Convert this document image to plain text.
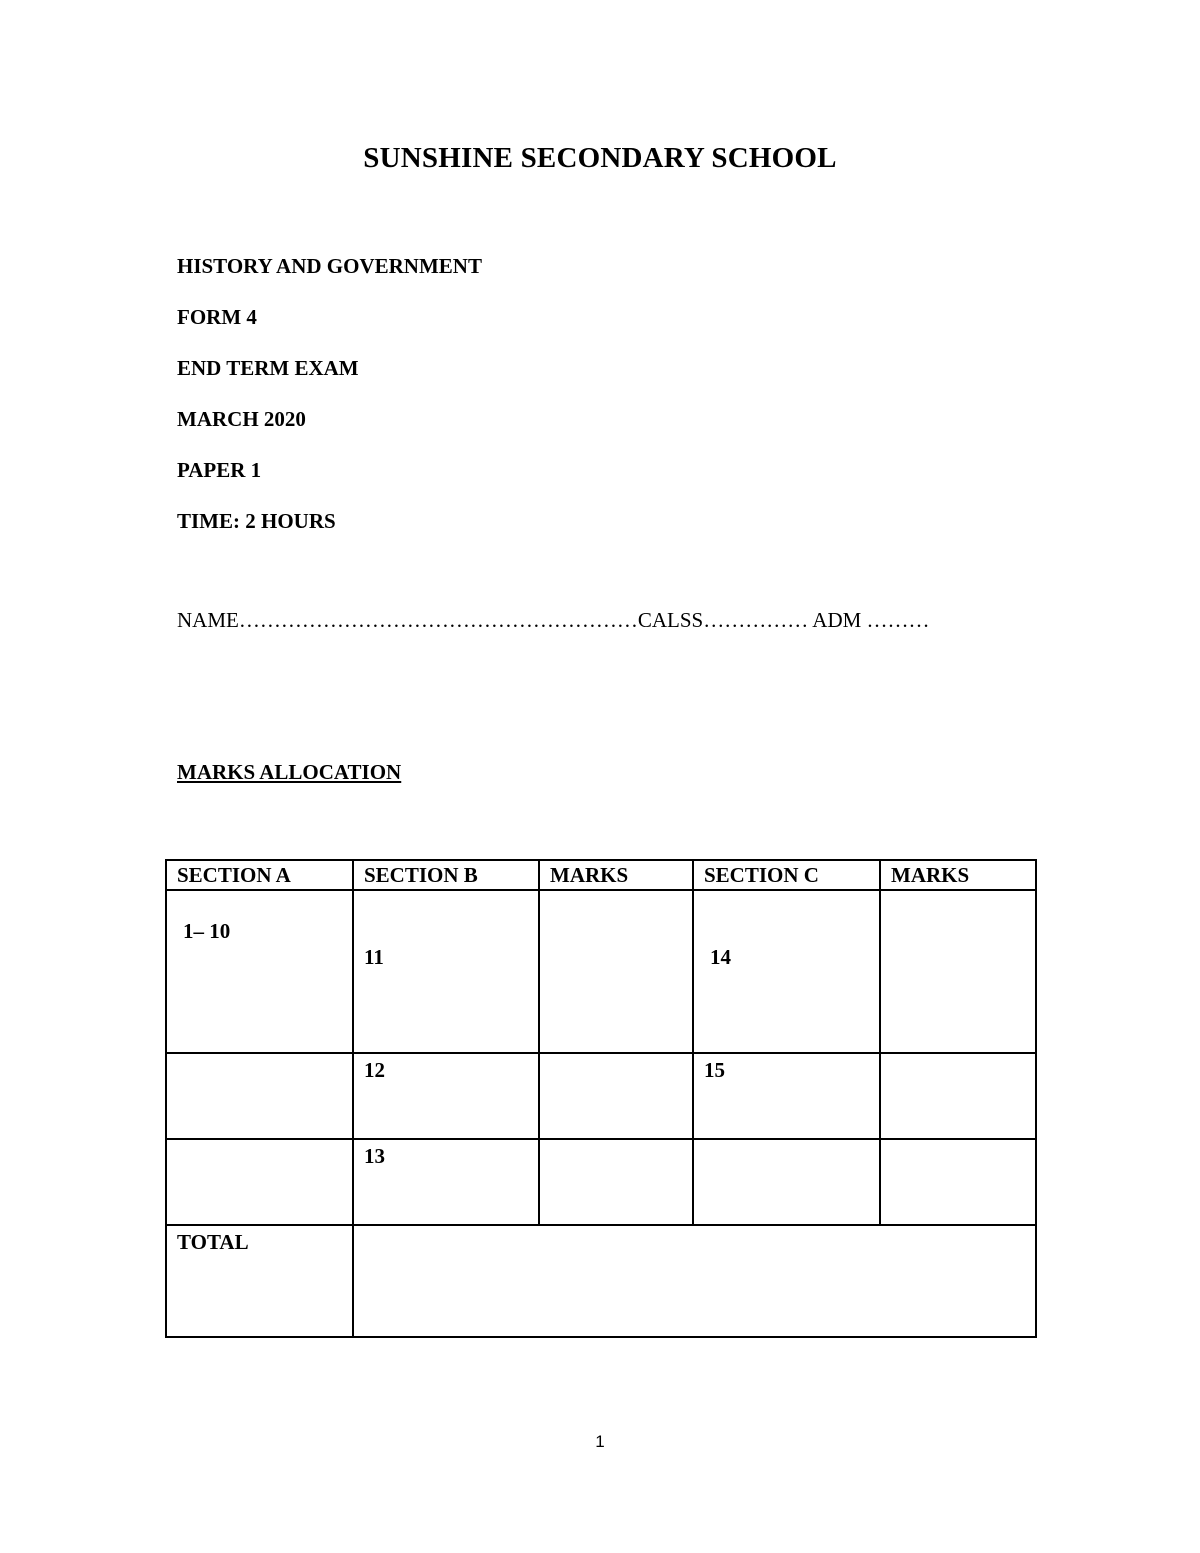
SUNSHINE SECONDARY SCHOOL

HISTORY AND GOVERNMENT

FORM 4

END TERM EXAM

MARCH 2020

PAPER 1

TIME: 2 HOURS

NAME…………………………………………………CALSS…………… ADM ………

MARKS ALLOCATION

SECTION A	SECTION B	MARKS	SECTION C	MARKS
1– 10	11		14	
	12		15	
	13			
TOTAL				

1
